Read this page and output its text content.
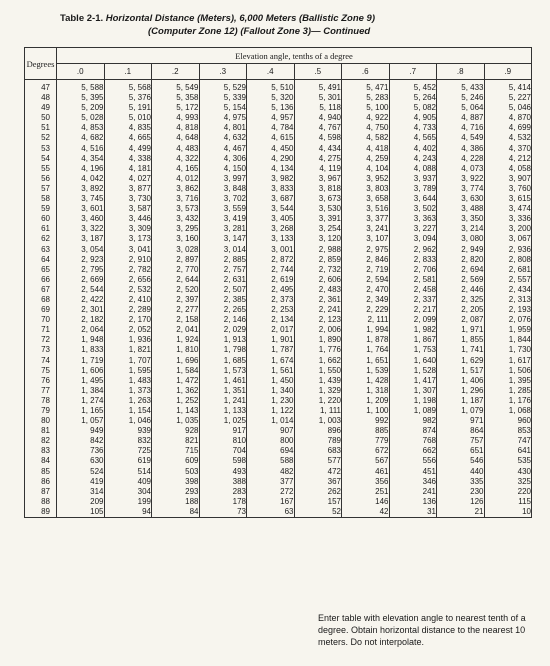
Table 2-1. Horizontal Distance (Meters), 6,000 Meters (Ballistic Zone 9)
(Computer Zone 12) (Fallout Zone 3)— Continued
Degrees	Elevation angle, tenths of a degree									
	.0	.1	.2	.3	.4	.5	.6	.7	.8	.9
47	5, 588	5, 568	5, 549	5, 529	5, 510	5, 491	5, 471	5, 452	5, 433	5, 414
48	5, 395	5, 376	5, 358	5, 339	5, 320	5, 301	5, 283	5, 264	5, 246	5, 227
49	5, 209	5, 191	5, 172	5, 154	5, 136	5, 118	5, 100	5, 082	5, 064	5, 046
50	5, 028	5, 010	4, 993	4, 975	4, 957	4, 940	4, 922	4, 905	4, 887	4, 870
51	4, 853	4, 835	4, 818	4, 801	4, 784	4, 767	4, 750	4, 733	4, 716	4, 699
52	4, 682	4, 665	4, 648	4, 632	4, 615	4, 598	4, 582	4, 565	4, 549	4, 532
53	4, 516	4, 499	4, 483	4, 467	4, 450	4, 434	4, 418	4, 402	4, 386	4, 370
54	4, 354	4, 338	4, 322	4, 306	4, 290	4, 275	4, 259	4, 243	4, 228	4, 212
55	4, 196	4, 181	4, 165	4, 150	4, 134	4, 119	4, 104	4, 088	4, 073	4, 058
56	4, 042	4, 027	4, 012	3, 997	3, 982	3, 967	3, 952	3, 937	3, 922	3, 907
57	3, 892	3, 877	3, 862	3, 848	3, 833	3, 818	3, 803	3, 789	3, 774	3, 760
58	3, 745	3, 730	3, 716	3, 702	3, 687	3, 673	3, 658	3, 644	3, 630	3, 615
59	3, 601	3, 587	3, 573	3, 559	3, 544	3, 530	3, 516	3, 502	3, 488	3, 474
60	3, 460	3, 446	3, 432	3, 419	3, 405	3, 391	3, 377	3, 363	3, 350	3, 336
61	3, 322	3, 309	3, 295	3, 281	3, 268	3, 254	3, 241	3, 227	3, 214	3, 200
62	3, 187	3, 173	3, 160	3, 147	3, 133	3, 120	3, 107	3, 094	3, 080	3, 067
63	3, 054	3, 041	3, 028	3, 014	3, 001	2, 988	2, 975	2, 962	2, 949	2, 936
64	2, 923	2, 910	2, 897	2, 885	2, 872	2, 859	2, 846	2, 833	2, 820	2, 808
65	2, 795	2, 782	2, 770	2, 757	2, 744	2, 732	2, 719	2, 706	2, 694	2, 681
66	2, 669	2, 656	2, 644	2, 631	2, 619	2, 606	2, 594	2, 581	2, 569	2, 557
67	2, 544	2, 532	2, 520	2, 507	2, 495	2, 483	2, 470	2, 458	2, 446	2, 434
68	2, 422	2, 410	2, 397	2, 385	2, 373	2, 361	2, 349	2, 337	2, 325	2, 313
69	2, 301	2, 289	2, 277	2, 265	2, 253	2, 241	2, 229	2, 217	2, 205	2, 193
70	2, 182	2, 170	2, 158	2, 146	2, 134	2, 123	2, 111	2, 099	2, 087	2, 076
71	2, 064	2, 052	2, 041	2, 029	2, 017	2, 006	1, 994	1, 982	1, 971	1, 959
72	1, 948	1, 936	1, 924	1, 913	1, 901	1, 890	1, 878	1, 867	1, 855	1, 844
73	1, 833	1, 821	1, 810	1, 798	1, 787	1, 776	1, 764	1, 753	1, 741	1, 730
74	1, 719	1, 707	1, 696	1, 685	1, 674	1, 662	1, 651	1, 640	1, 629	1, 617
75	1, 606	1, 595	1, 584	1, 573	1, 561	1, 550	1, 539	1, 528	1, 517	1, 506
76	1, 495	1, 483	1, 472	1, 461	1, 450	1, 439	1, 428	1, 417	1, 406	1, 395
77	1, 384	1, 373	1, 362	1, 351	1, 340	1, 329	1, 318	1, 307	1, 296	1, 285
78	1, 274	1, 263	1, 252	1, 241	1, 230	1, 220	1, 209	1, 198	1, 187	1, 176
79	1, 165	1, 154	1, 143	1, 133	1, 122	1, 111	1, 100	1, 089	1, 079	1, 068
80	1, 057	1, 046	1, 035	1, 025	1, 014	1, 003	992	982	971	960
81	949	939	928	917	907	896	885	874	864	853
82	842	832	821	810	800	789	779	768	757	747
83	736	725	715	704	694	683	672	662	651	641
84	630	619	609	598	588	577	567	556	546	535
85	524	514	503	493	482	472	461	451	440	430
86	419	409	398	388	377	367	356	346	335	325
87	314	304	293	283	272	262	251	241	230	220
88	209	199	188	178	167	157	146	136	126	115
89	105	94	84	73	63	52	42	31	21	10
Enter table with elevation angle to nearest tenth of a degree. Obtain horizontal distance to the nearest 10 meters. Do not interpolate.
